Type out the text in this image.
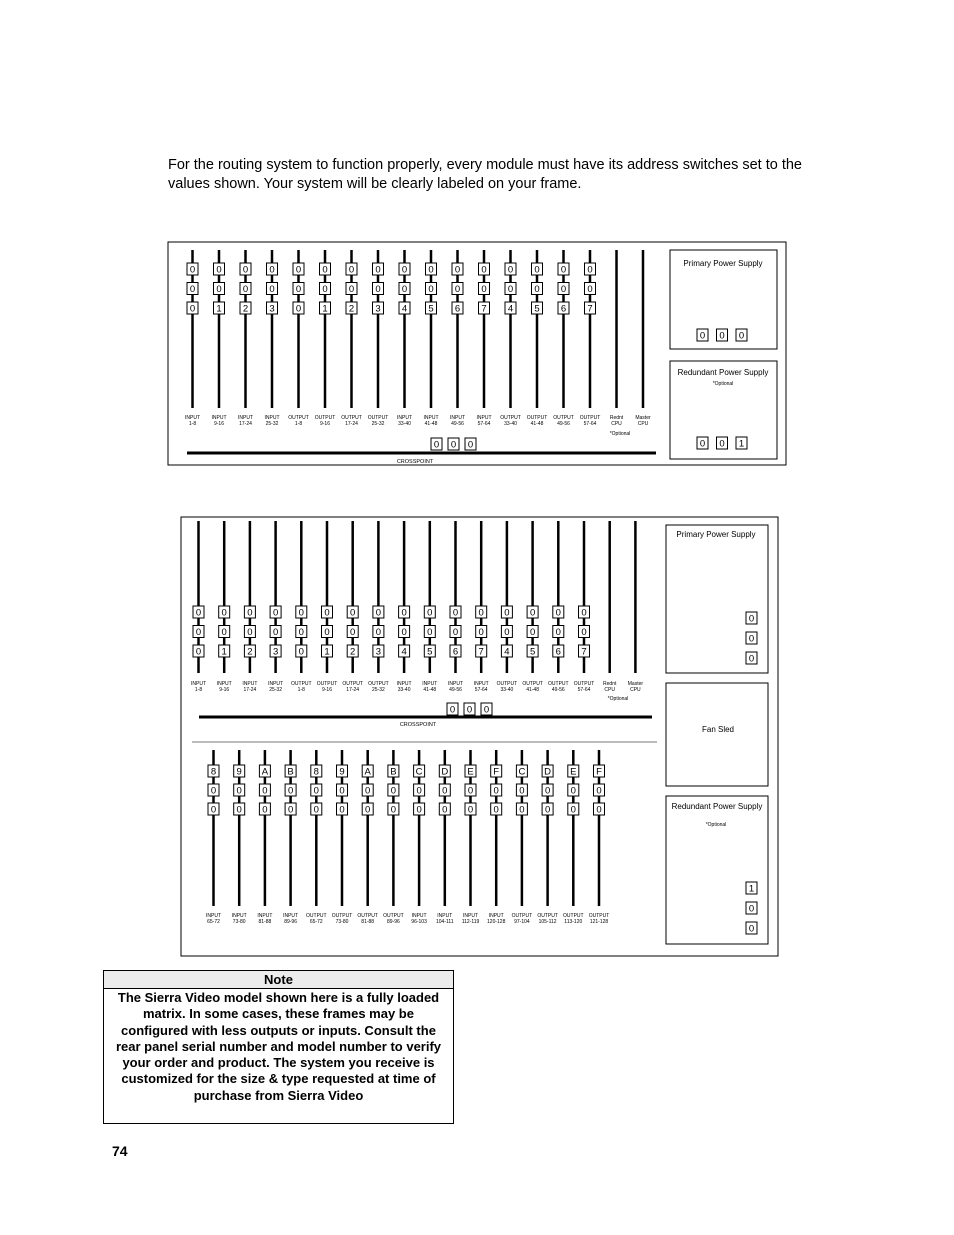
For the routing system to function properly, every module must have its address switches set to the values shown. Your system will be clearly labeled on your frame.

Primary Power Supply
Redundant Power Supply
*Optional
CROSSPOINT
*Optional
Primary Power Supply
Fan Sled
Redundant Power Supply
*Optional
CROSSPOINT
*Optional
0
0
0
INPUT
1-8
0
0
1
INPUT
9-16
0
0
2
INPUT
17-24
0
0
3
INPUT
25-32
0
0
0
OUTPUT
1-8
0
0
1
OUTPUT
9-16
0
0
2
OUTPUT
17-24
0
0
3
OUTPUT
25-32
0
0
4
INPUT
33-40
0
0
5
INPUT
41-48
0
0
6
INPUT
49-56
0
0
7
INPUT
57-64
0
0
4
OUTPUT
33-40
0
0
5
OUTPUT
41-48
0
0
6
OUTPUT
49-56
0
0
7
OUTPUT
57-64
Rednt
CPU
Master
CPU
0
0
0
0
0
0
0
0
1
0
0
0
INPUT
1-8
0
0
1
INPUT
9-16
0
0
2
INPUT
17-24
0
0
3
INPUT
25-32
0
0
0
OUTPUT
1-8
0
0
1
OUTPUT
9-16
0
0
2
OUTPUT
17-24
0
0
3
OUTPUT
25-32
0
0
4
INPUT
33-40
0
0
5
INPUT
41-48
0
0
6
INPUT
49-56
0
0
7
INPUT
57-64
0
0
4
OUTPUT
33-40
0
0
5
OUTPUT
41-48
0
0
6
OUTPUT
49-56
0
0
7
OUTPUT
57-64
Rednt
CPU
Master
CPU
8
0
0
INPUT
65-72
9
0
0
INPUT
73-80
A
0
0
INPUT
81-88
B
0
0
INPUT
89-96
8
0
0
OUTPUT
65-72
9
0
0
OUTPUT
73-80
A
0
0
OUTPUT
81-88
B
0
0
OUTPUT
89-96
C
0
0
INPUT
96-103
D
0
0
INPUT
104-111
E
0
0
INPUT
112-119
F
0
0
INPUT
120-128
C
0
0
OUTPUT
97-104
D
0
0
OUTPUT
105-112
E
0
0
OUTPUT
113-120
F
0
0
OUTPUT
121-128
0
0
1
0
0
0
0
0
0
Note
The Sierra Video model shown here is a fully loaded matrix. In some cases, these frames may be configured with less outputs or inputs. Consult the rear panel serial number and model number to verify your order and product. The system you receive is customized for the size & type requested at time of purchase from Sierra Video
74
